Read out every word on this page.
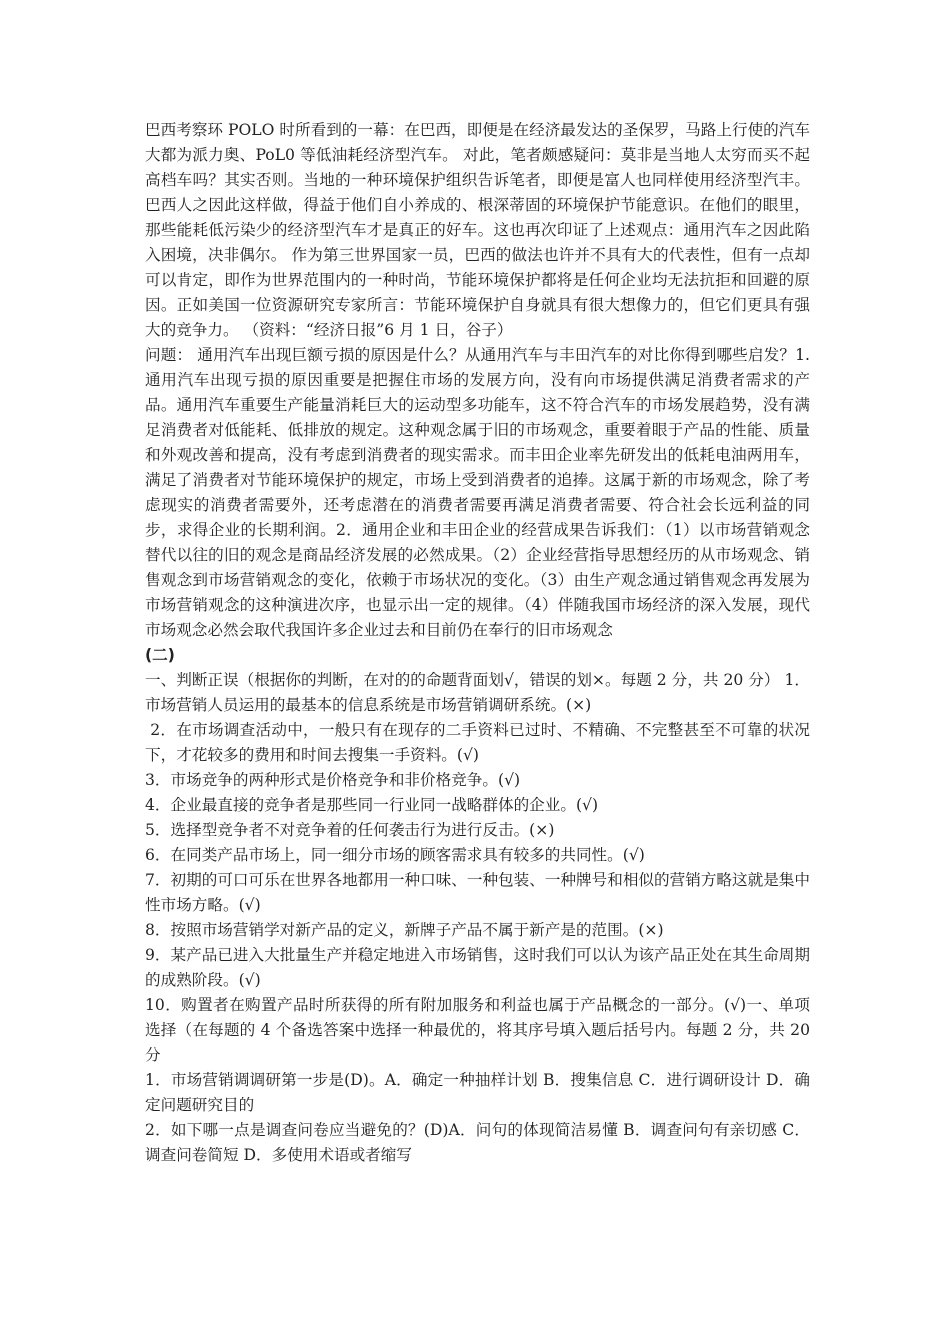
巴西考察环 POLO 时所看到的一幕：在巴西，即便是在经济最发达的圣保罗，马路上行使的汽车大都为派力奥、PoL0 等低油耗经济型汽车。 对此，笔者颇感疑问：莫非是当地人太穷而买不起高档车吗？其实否则。当地的一种环境保护组织告诉笔者，即便是富人也同样使用经济型汽丰。巴西人之因此这样做，得益于他们自小养成的、根深蒂固的环境保护节能意识。在他们的眼里，那些能耗低污染少的经济型汽车才是真正的好车。这也再次印证了上述观点：通用汽车之因此陷入困境，决非偶尔。 作为第三世界国家一员，巴西的做法也许并不具有大的代表性，但有一点却可以肯定，即作为世界范围内的一种时尚，节能环境保护都将是任何企业均无法抗拒和回避的原因。正如美国一位资源研究专家所言：节能环境保护自身就具有很大想像力的，但它们更具有强大的竞争力。 （资料：“经济日报”6 月 1 日，谷子）

问题： 通用汽车出现巨额亏损的原因是什么？从通用汽车与丰田汽车的对比你得到哪些启发？1.通用汽车出现亏损的原因重要是把握住市场的发展方向，没有向市场提供满足消费者需求的产品。通用汽车重要生产能量消耗巨大的运动型多功能车，这不符合汽车的市场发展趋势，没有满足消费者对低能耗、低排放的规定。这种观念属于旧的市场观念，重要着眼于产品的性能、质量和外观改善和提高，没有考虑到消费者的现实需求。而丰田企业率先研发出的低耗电油两用车，满足了消费者对节能环境保护的规定，市场上受到消费者的追捧。这属于新的市场观念，除了考虑现实的消费者需要外，还考虑潜在的消费者需要再满足消费者需要、符合社会长远利益的同步，求得企业的长期利润。2．通用企业和丰田企业的经营成果告诉我们：（1）以市场营销观念替代以往的旧的观念是商品经济发展的必然成果。（2）企业经营指导思想经历的从市场观念、销售观念到市场营销观念的变化，依赖于市场状况的变化。（3）由生产观念通过销售观念再发展为市场营销观念的这种演进次序，也显示出一定的规律。（4）伴随我国市场经济的深入发展，现代市场观念必然会取代我国许多企业过去和目前仍在奉行的旧市场观念

(二)

一、判断正误（根据你的判断，在对的的命题背面划√，错误的划×。每题 2 分，共 20 分） 1．市场营销人员运用的最基本的信息系统是市场营销调研系统。(×)

2．在市场调查活动中，一般只有在现存的二手资料已过时、不精确、不完整甚至不可靠的状况下，才花较多的费用和时间去搜集一手资料。(√)

3．市场竞争的两种形式是价格竞争和非价格竞争。(√)

4．企业最直接的竞争者是那些同一行业同一战略群体的企业。(√)

5．选择型竞争者不对竞争着的任何袭击行为进行反击。(×)

6．在同类产品市场上，同一细分市场的顾客需求具有较多的共同性。(√)

7．初期的可口可乐在世界各地都用一种口味、一种包装、一种牌号和相似的营销方略这就是集中性市场方略。(√)

8．按照市场营销学对新产品的定义，新牌子产品不属于新产是的范围。(×)

9．某产品已进入大批量生产并稳定地进入市场销售，这时我们可以认为该产品正处在其生命周期的成熟阶段。(√)

10．购置者在购置产品时所获得的所有附加服务和利益也属于产品概念的一部分。(√)一、单项选择（在每题的 4 个备选答案中选择一种最优的，将其序号填入题后括号内。每题 2 分，共 20 分

1．市场营销调调研第一步是(D)。A．确定一种抽样计划 B．搜集信息 C．进行调研设计 D．确定问题研究目的

2．如下哪一点是调查问卷应当避免的？(D)A．问句的体现简洁易懂 B．调查问句有亲切感 C．调查问卷简短 D．多使用术语或者缩写
